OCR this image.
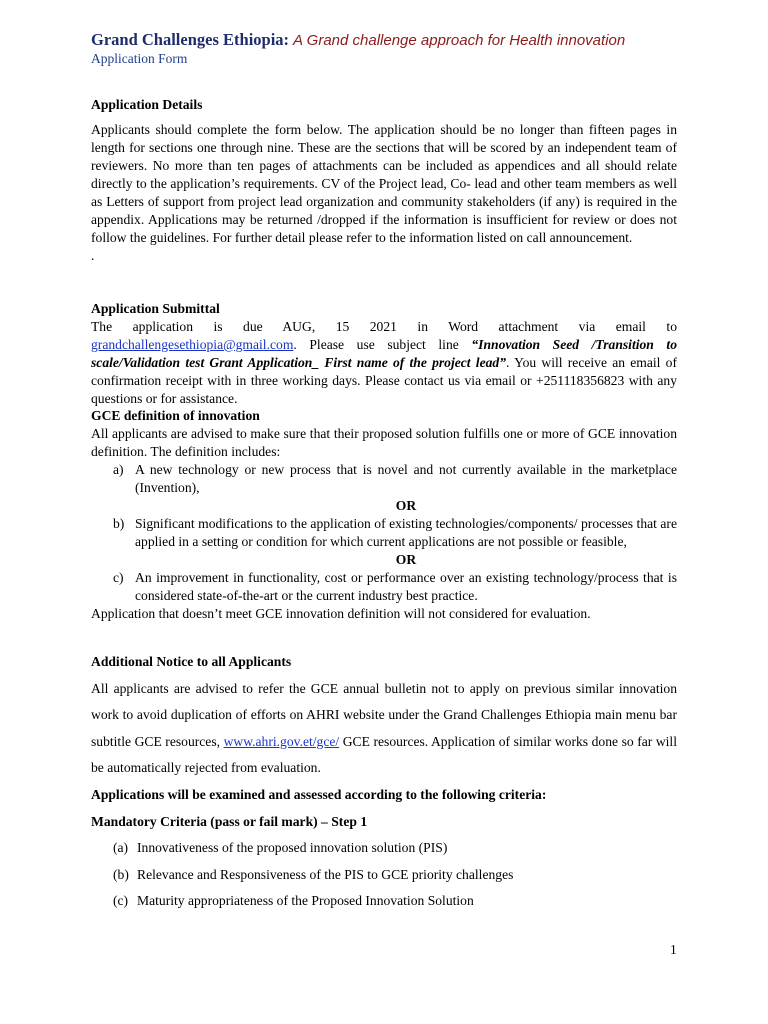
Grand Challenges Ethiopia: A Grand challenge approach for Health innovation
Application Form
Application Details
Applicants should complete the form below. The application should be no longer than fifteen pages in length for sections one through nine. These are the sections that will be scored by an independent team of reviewers. No more than ten pages of attachments can be included as appendices and all should relate directly to the application’s requirements. CV of the Project lead, Co- lead and other team members as well as Letters of support from project lead organization and community stakeholders (if any) is required in the appendix. Applications may be returned /dropped if the information is insufficient for review or does not follow the guidelines. For further detail please refer to the information listed on call announcement.
.
Application Submittal
The application is due AUG, 15 2021 in Word attachment via email to grandchallengesethiopia@gmail.com. Please use subject line “Innovation Seed /Transition to scale/Validation test Grant Application_ First name of the project lead”. You will receive an email of confirmation receipt with in three working days. Please contact us via email or +251118356823 with any questions or for assistance.
GCE definition of innovation
All applicants are advised to make sure that their proposed solution fulfills one or more of GCE innovation definition. The definition includes:
a) A new technology or new process that is novel and not currently available in the marketplace (Invention),
OR
b) Significant modifications to the application of existing technologies/components/ processes that are applied in a setting or condition for which current applications are not possible or feasible,
OR
c) An improvement in functionality, cost or performance over an existing technology/process that is considered state-of-the-art or the current industry best practice.
Application that doesn’t meet GCE innovation definition will not considered for evaluation.
Additional Notice to all Applicants
All applicants are advised to refer the GCE annual bulletin not to apply on previous similar innovation work to avoid duplication of efforts on AHRI website under the Grand Challenges Ethiopia main menu bar subtitle GCE resources, www.ahri.gov.et/gce/ GCE resources. Application of similar works done so far will be automatically rejected from evaluation.
Applications will be examined and assessed according to the following criteria:
Mandatory Criteria (pass or fail mark) – Step 1
(a) Innovativeness of the proposed innovation solution (PIS)
(b) Relevance and Responsiveness of the PIS to GCE priority challenges
(c) Maturity appropriateness of the Proposed Innovation Solution
1
